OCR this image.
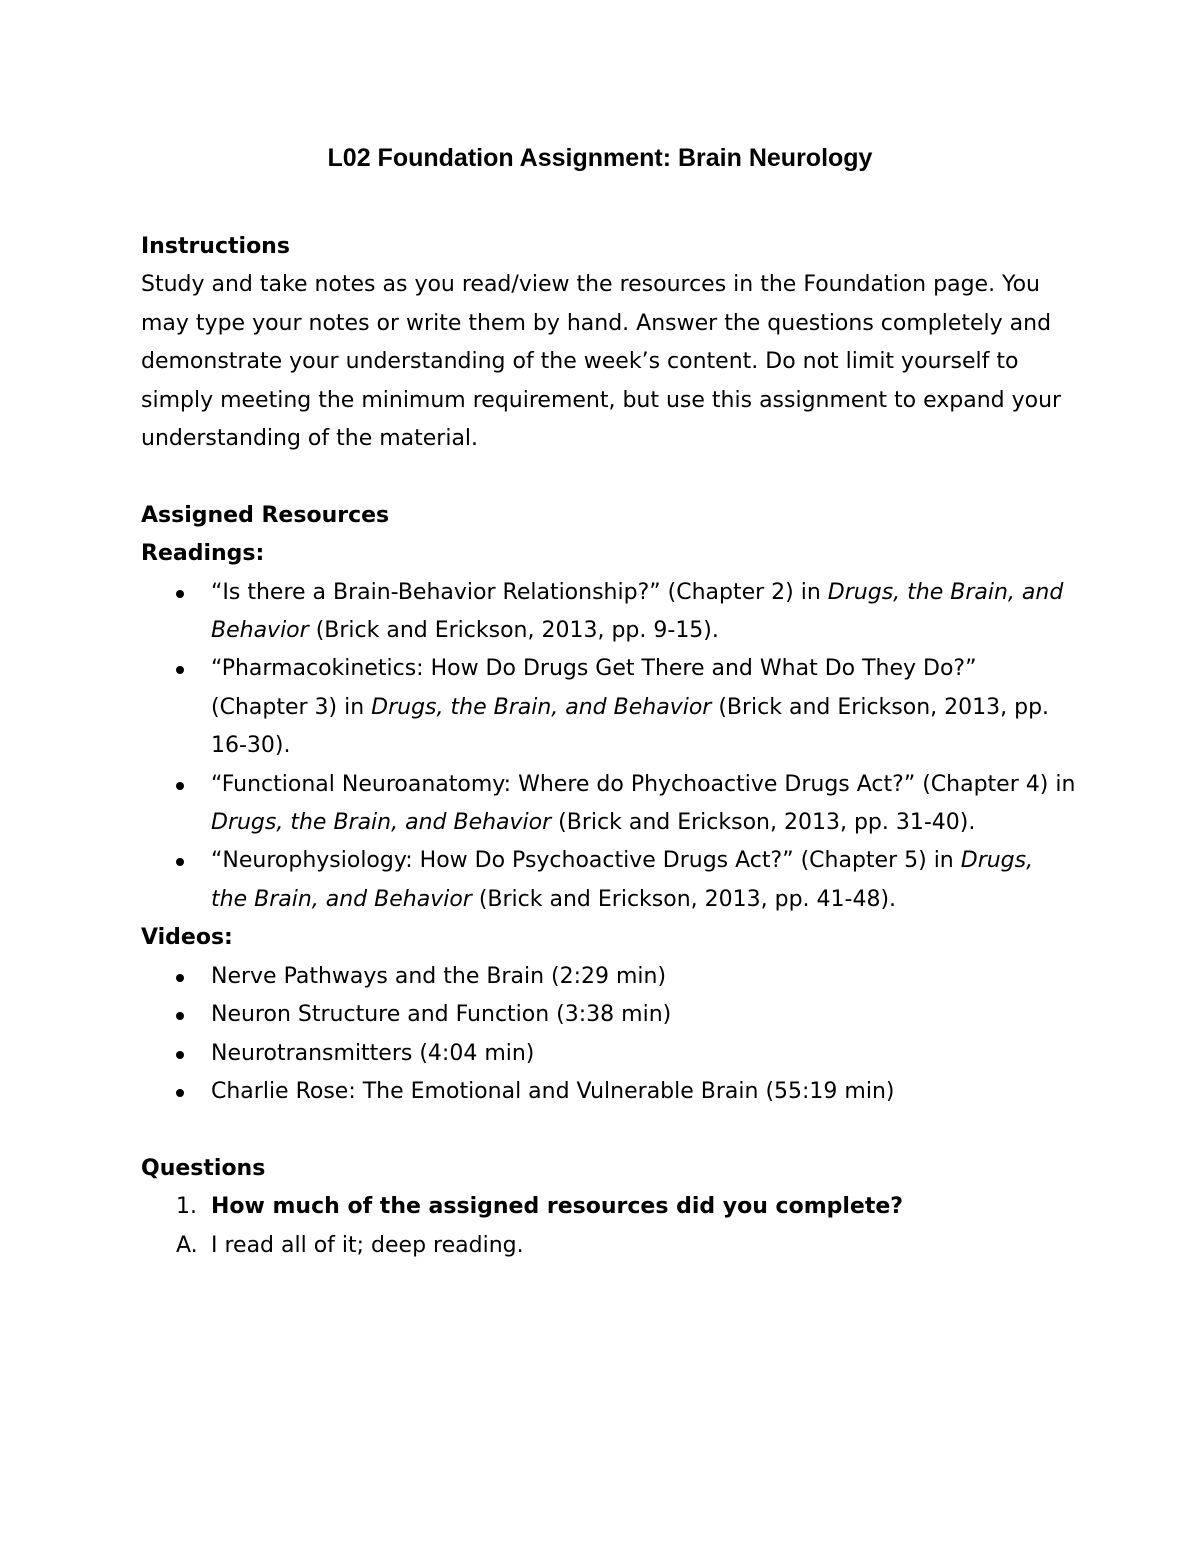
L02 Foundation Assignment: Brain Neurology

Instructions

Study and take notes as you read/view the resources in the Foundation page. You may type your notes or write them by hand. Answer the questions completely and demonstrate your understanding of the week’s content. Do not limit yourself to simply meeting the minimum requirement, but use this assignment to expand your understanding of the material.

Assigned Resources

Readings:

“Is there a Brain-Behavior Relationship?” (Chapter 2) in Drugs, the Brain, and Behavior (Brick and Erickson, 2013, pp. 9-15).
“Pharmacokinetics: How Do Drugs Get There and What Do They Do?” (Chapter 3) in Drugs, the Brain, and Behavior (Brick and Erickson, 2013, pp. 16-30).
“Functional Neuroanatomy: Where do Phychoactive Drugs Act?” (Chapter 4) in Drugs, the Brain, and Behavior (Brick and Erickson, 2013, pp. 31-40).
“Neurophysiology: How Do Psychoactive Drugs Act?” (Chapter 5) in Drugs, the Brain, and Behavior (Brick and Erickson, 2013, pp. 41-48).

Videos:

Nerve Pathways and the Brain (2:29 min)
Neuron Structure and Function (3:38 min)
Neurotransmitters (4:04 min)
Charlie Rose: The Emotional and Vulnerable Brain (55:19 min)

Questions

1. How much of the assigned resources did you complete?

A. I read all of it; deep reading.
